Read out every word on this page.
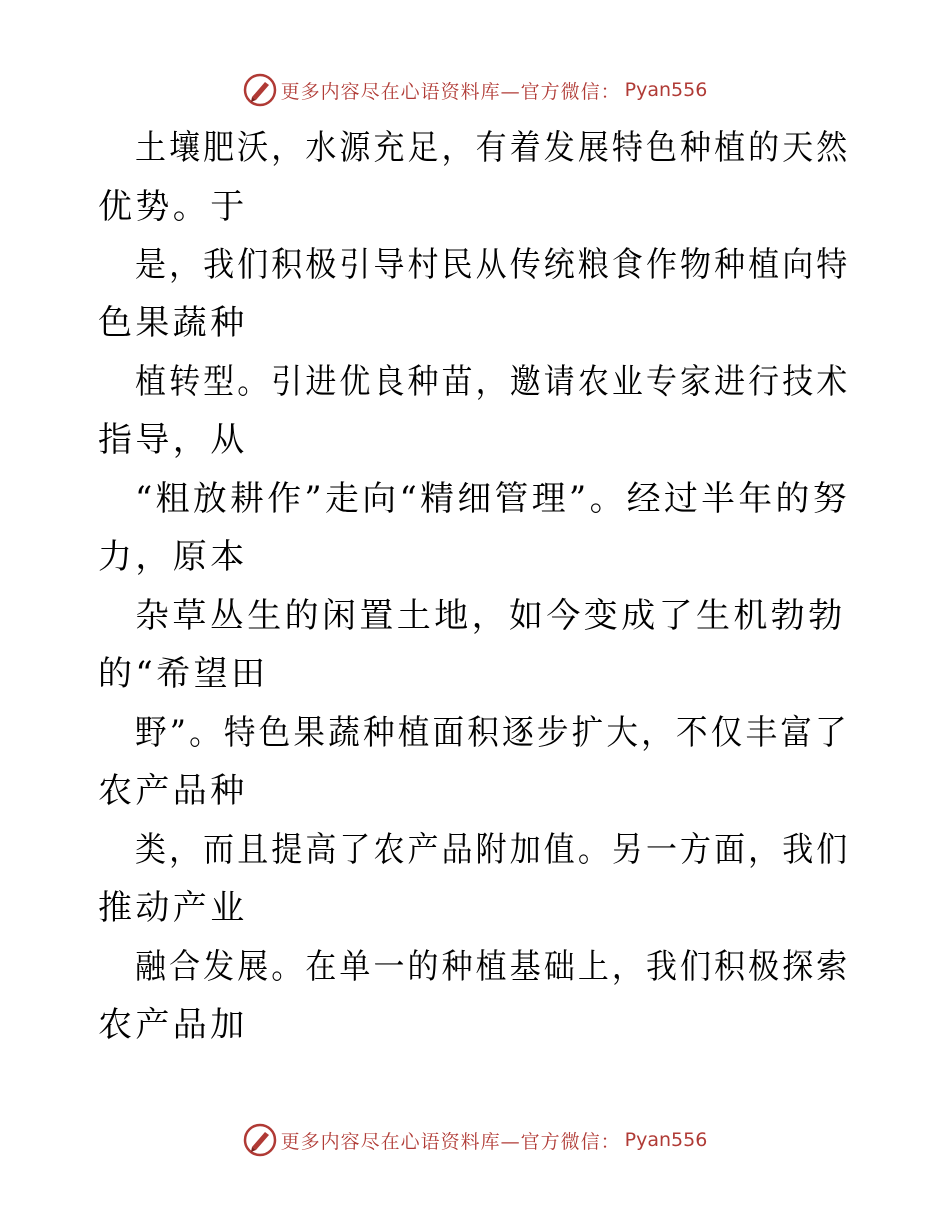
更多内容尽在心语资料库—官方微信： Pyan556
土壤肥沃，水源充足，有着发展特色种植的天然
优势。于
是，我们积极引导村民从传统粮食作物种植向特
色果蔬种
植转型。引进优良种苗，邀请农业专家进行技术
指导，从
“粗放耕作”走向“精细管理”。经过半年的努
力，原本
杂草丛生的闲置土地，如今变成了生机勃勃
的“希望田
野”。特色果蔬种植面积逐步扩大，不仅丰富了
农产品种
类，而且提高了农产品附加值。另一方面，我们
推动产业
融合发展。在单一的种植基础上，我们积极探索
农产品加
更多内容尽在心语资料库—官方微信： Pyan556
